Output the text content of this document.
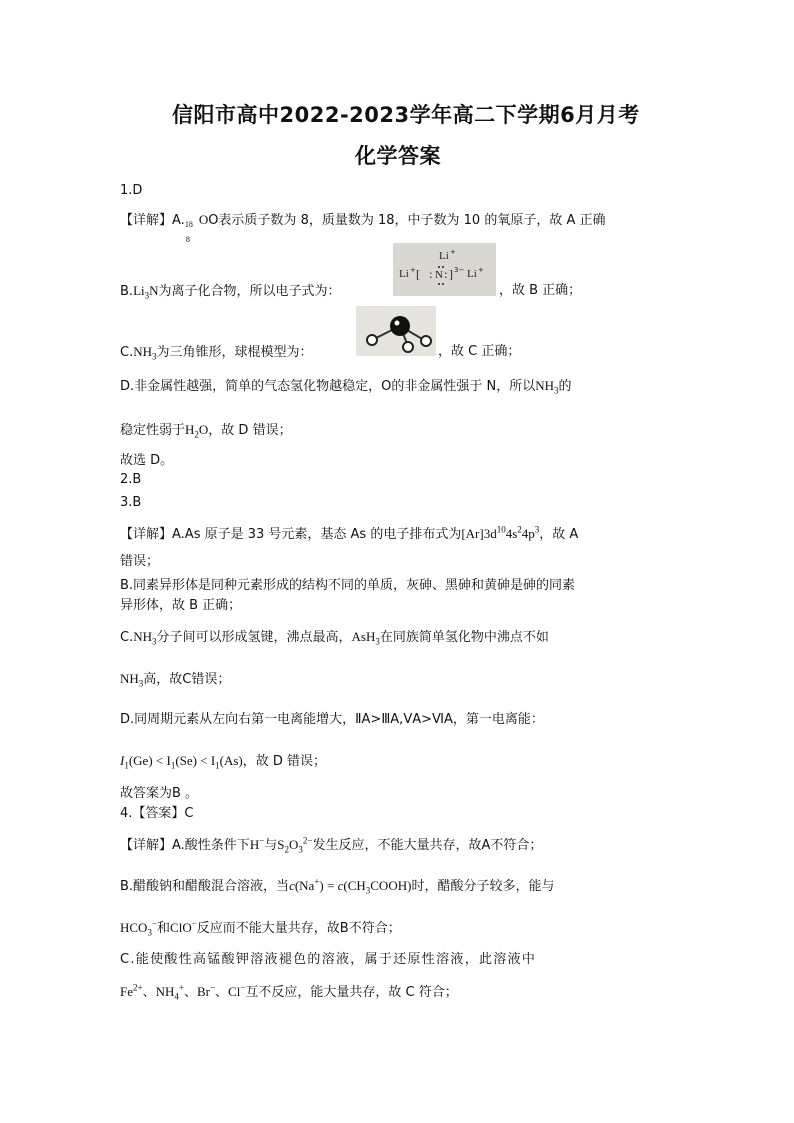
信阳市高中2022-2023学年高二下学期6月月考
化学答案
1.D
【详解】A. 18
8
OO表示质子数为 8，质量数为 18，中子数为 10 的氧原子，故 A 正确
$B.Li_3N$为离子化合物，所以电子式为：
Li +
Li + [ : N : ] 3− Li +
，故 B 正确；
$C.NH_3$为三角锥形，球棍模型为：	，故 C 正确；
D.非金属性越强，简单的气态氢化物越稳定，O的非金属性强于 N，所以$NH_3$的
稳定性弱于$H_2O$，故 D 错误；
故选 D。
2.B
3.B
【详解】A.As 原子是 33 号元素，基态 As 的电子排布式为$[Ar]3d^{10}4s^24p^3$，故 A
错误；
B.同素异形体是同种元素形成的结构不同的单质，灰砷、黑砷和黄砷是砷的同素
异形体，故 B 正确；
$C.NH_3$分子间可以形成氢键，沸点最高，AsH$_3$在同族简单氢化物中沸点不如
$NH_3$高，故C错误；
D.同周期元素从左向右第一电离能增大，ⅡA>ⅢA,ⅤA>ⅥA，第一电离能：
$I_1(Ge) < I_1(Se) < I_1(As)$，故 D 错误；
故答案为B 。
4.【答案】C
【详解】A.酸性条件下H−与$S_2O_3^{2-}$发生反应，不能大量共存，故A不符合；
B.醋酸钠和醋酸混合溶液，当$c(Na^+) = c(CH_3COOH)$时，醋酸分子较多，能与
$HCO_3^-$和ClO−反应而不能大量共存，故B不符合；
C.能使酸性高锰酸钾溶液褪色的溶液，属于还原性溶液，此溶液中
$Fe^{2+}$、$NH_4^+$、Br−、Cl−互不反应，能大量共存，故 C 符合；
